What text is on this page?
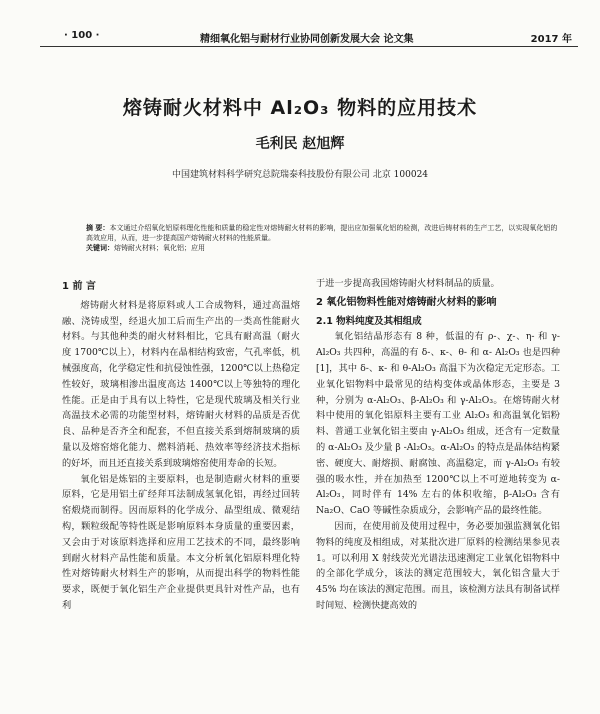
· 100 ·	精细氧化铝与耐材行业协同创新发展大会 论文集	2017 年
熔铸耐火材料中 Al₂O₃ 物料的应用技术
毛利民 赵旭辉
中国建筑材料科学研究总院瑞泰科技股份有限公司 北京 100024

摘 要：本文通过介绍氧化铝原料理化性能和质量的稳定性对熔铸耐火材料的影响，提出应加强氧化铝的检测，改进后铸材料的生产工艺，以实现氧化铝的高效应用，从而，进一步提高国产熔铸耐火材料的性能质量。

关键词：熔铸耐火材料；氧化铝；应用

1 前 言

熔铸耐火材料是将原料或人工合成物料，通过高温熔融、浇铸成型，经退火加工后而生产出的一类高性能耐火材料。与其他种类的耐火材料相比，它具有耐高温（耐火度 1700℃以上），材料内在晶相结构致密，气孔率低，机械强度高，化学稳定性和抗侵蚀性强，1200℃以上热稳定性较好，玻璃相渗出温度高达 1400℃以上等独特的理化性能。正是由于具有以上特性，它是现代玻璃及相关行业高温技术必需的功能型材料，熔铸耐火材料的品质是否优良、品种是否齐全和配套，不但直接关系到熔制玻璃的质量以及熔窑熔化能力、燃料消耗、热效率等经济技术指标的好坏，而且还直接关系到玻璃熔窑使用寿命的长短。

氧化铝是炼铝的主要原料，也是制造耐火材料的重要原料，它是用铝土矿经拜耳法制成氢氧化铝，再经过回转窑煅烧而制得。因而原料的化学成分、晶型组成、微观结构，颗粒级配等特性既是影响原料本身质量的重要因素，又会由于对该原料选择和应用工艺技术的不同，最终影响到耐火材料产品性能和质量。本文分析氧化铝原料理化特性对熔铸耐火材料生产的影响，从而提出科学的物料性能要求，既便于氧化铝生产企业提供更具针对性产品，也有利

于进一步提高我国熔铸耐火材料制品的质量。

2 氧化铝物料性能对熔铸耐火材料的影响
2.1 物料纯度及其相组成

氧化铝结晶形态有 8 种，低温的有 ρ-、χ-、η- 和 γ- Al₂O₃ 共四种，高温的有 δ-、κ-、θ- 和 α- Al₂O₃ 也是四种[1]，其中 δ-、κ- 和 θ-Al₂O₃ 高温下为次稳定无定形态。工业氧化铝物料中最常见的结构变体或晶体形态，主要是 3 种，分别为 α-Al₂O₃、β-Al₂O₃ 和 γ-Al₂O₃。在熔铸耐火材料中使用的氧化铝原料主要有工业 Al₂O₃ 和高温氧化铝粉料、普通工业氧化铝主要由 γ-Al₂O₃ 组成，还含有一定数量的 α-Al₂O₃ 及少量 β -Al₂O₃。α-Al₂O₃ 的特点是晶体结构紧密、硬度大、耐熔损、耐腐蚀、高温稳定，而 γ-Al₂O₃ 有较强的吸水性，并在加热至 1200℃以上不可逆地转变为 α-Al₂O₃，同时伴有 14% 左右的体积收缩，β-Al₂O₃ 含有 Na₂O、CaO 等碱性杂质成分，会影响产品的最终性能。

因而，在使用前及使用过程中，务必要加强监测氧化铝物料的纯度及相组成，对某批次进厂原料的检测结果参见表 1。可以利用 X 射线荧光光谱法迅速测定工业氧化铝物料中的全部化学成分，该法的测定范围较大，氧化铝含量大于 45% 均在该法的测定范围。而且，该检测方法具有制备试样时间短、检测快捷高效的
